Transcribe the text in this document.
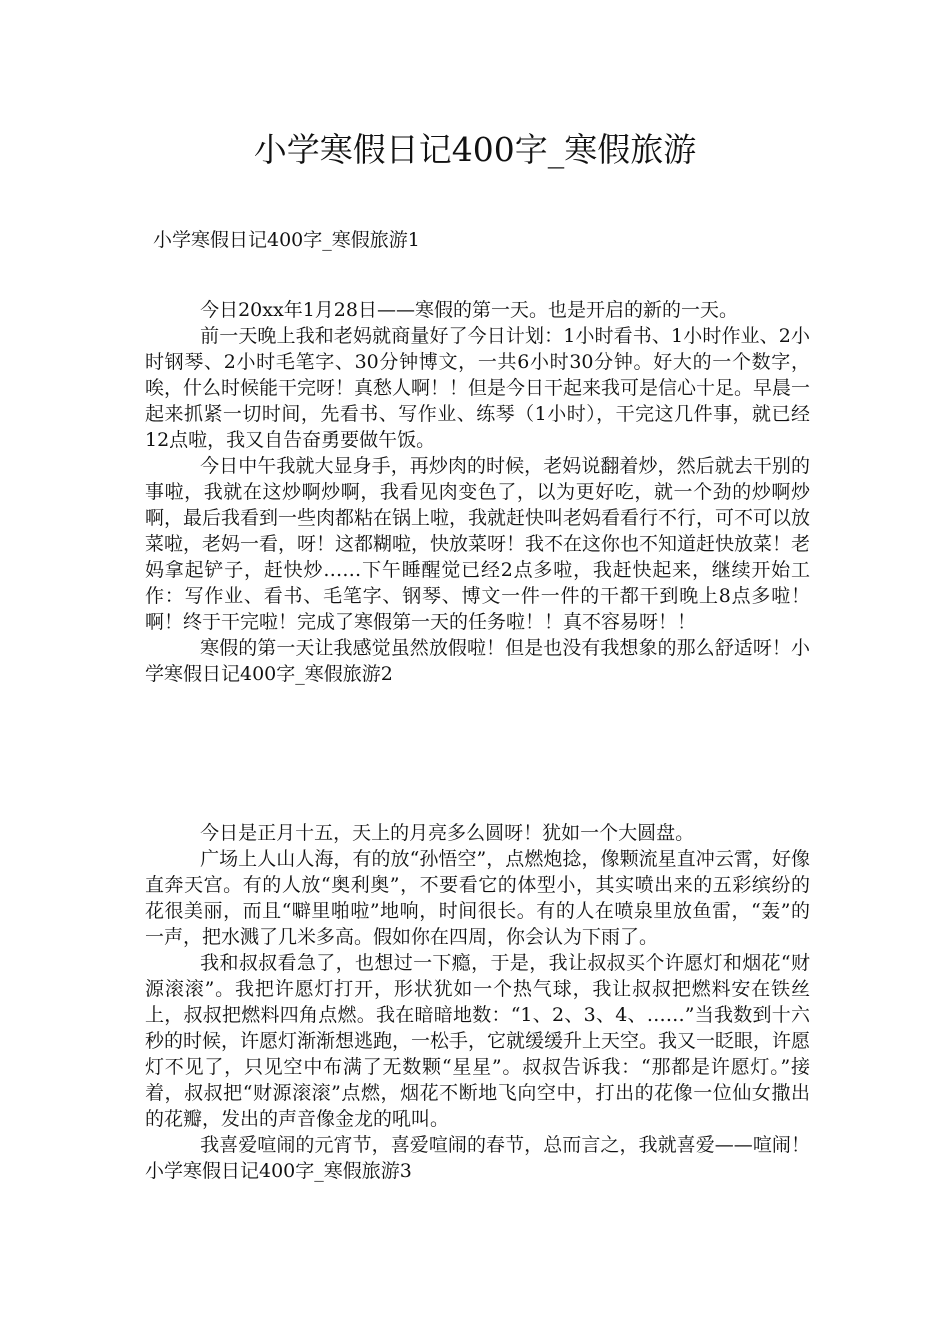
小学寒假日记400字_寒假旅游
小学寒假日记400字_寒假旅游1

今日20xx年1月28日——寒假的第一天。也是开启的新的一天。

前一天晚上我和老妈就商量好了今日计划：1小时看书、1小时作业、2小时钢琴、2小时毛笔字、30分钟博文，一共6小时30分钟。好大的一个数字，唉，什么时候能干完呀！真愁人啊！！但是今日干起来我可是信心十足。早晨一起来抓紧一切时间，先看书、写作业、练琴（1小时），干完这几件事，就已经12点啦，我又自告奋勇要做午饭。

今日中午我就大显身手，再炒肉的时候，老妈说翻着炒，然后就去干别的事啦，我就在这炒啊炒啊，我看见肉变色了，以为更好吃，就一个劲的炒啊炒啊，最后我看到一些肉都粘在锅上啦，我就赶快叫老妈看看行不行，可不可以放菜啦，老妈一看，呀！这都糊啦，快放菜呀！我不在这你也不知道赶快放菜！老妈拿起铲子，赶快炒……下午睡醒觉已经2点多啦，我赶快起来，继续开始工作：写作业、看书、毛笔字、钢琴、博文一件一件的干都干到晚上8点多啦！啊！终于干完啦！完成了寒假第一天的任务啦！！真不容易呀！！

寒假的第一天让我感觉虽然放假啦！但是也没有我想象的那么舒适呀！小学寒假日记400字_寒假旅游2

今日是正月十五，天上的月亮多么圆呀！犹如一个大圆盘。

广场上人山人海，有的放“孙悟空”，点燃炮捻，像颗流星直冲云霄，好像直奔天宫。有的人放“奥利奥”，不要看它的体型小，其实喷出来的五彩缤纷的花很美丽，而且“噼里啪啦”地响，时间很长。有的人在喷泉里放鱼雷，“轰”的一声，把水溅了几米多高。假如你在四周，你会认为下雨了。

我和叔叔看急了，也想过一下瘾，于是，我让叔叔买个许愿灯和烟花“财源滚滚”。我把许愿灯打开，形状犹如一个热气球，我让叔叔把燃料安在铁丝上，叔叔把燃料四角点燃。我在暗暗地数：“1、2、3、4、……”当我数到十六秒的时候，许愿灯渐渐想逃跑，一松手，它就缓缓升上天空。我又一眨眼，许愿灯不见了，只见空中布满了无数颗“星星”。叔叔告诉我：“那都是许愿灯。”接着，叔叔把“财源滚滚”点燃，烟花不断地飞向空中，打出的花像一位仙女撒出的花瓣，发出的声音像金龙的吼叫。

我喜爱喧闹的元宵节，喜爱喧闹的春节，总而言之，我就喜爱——喧闹！小学寒假日记400字_寒假旅游3
